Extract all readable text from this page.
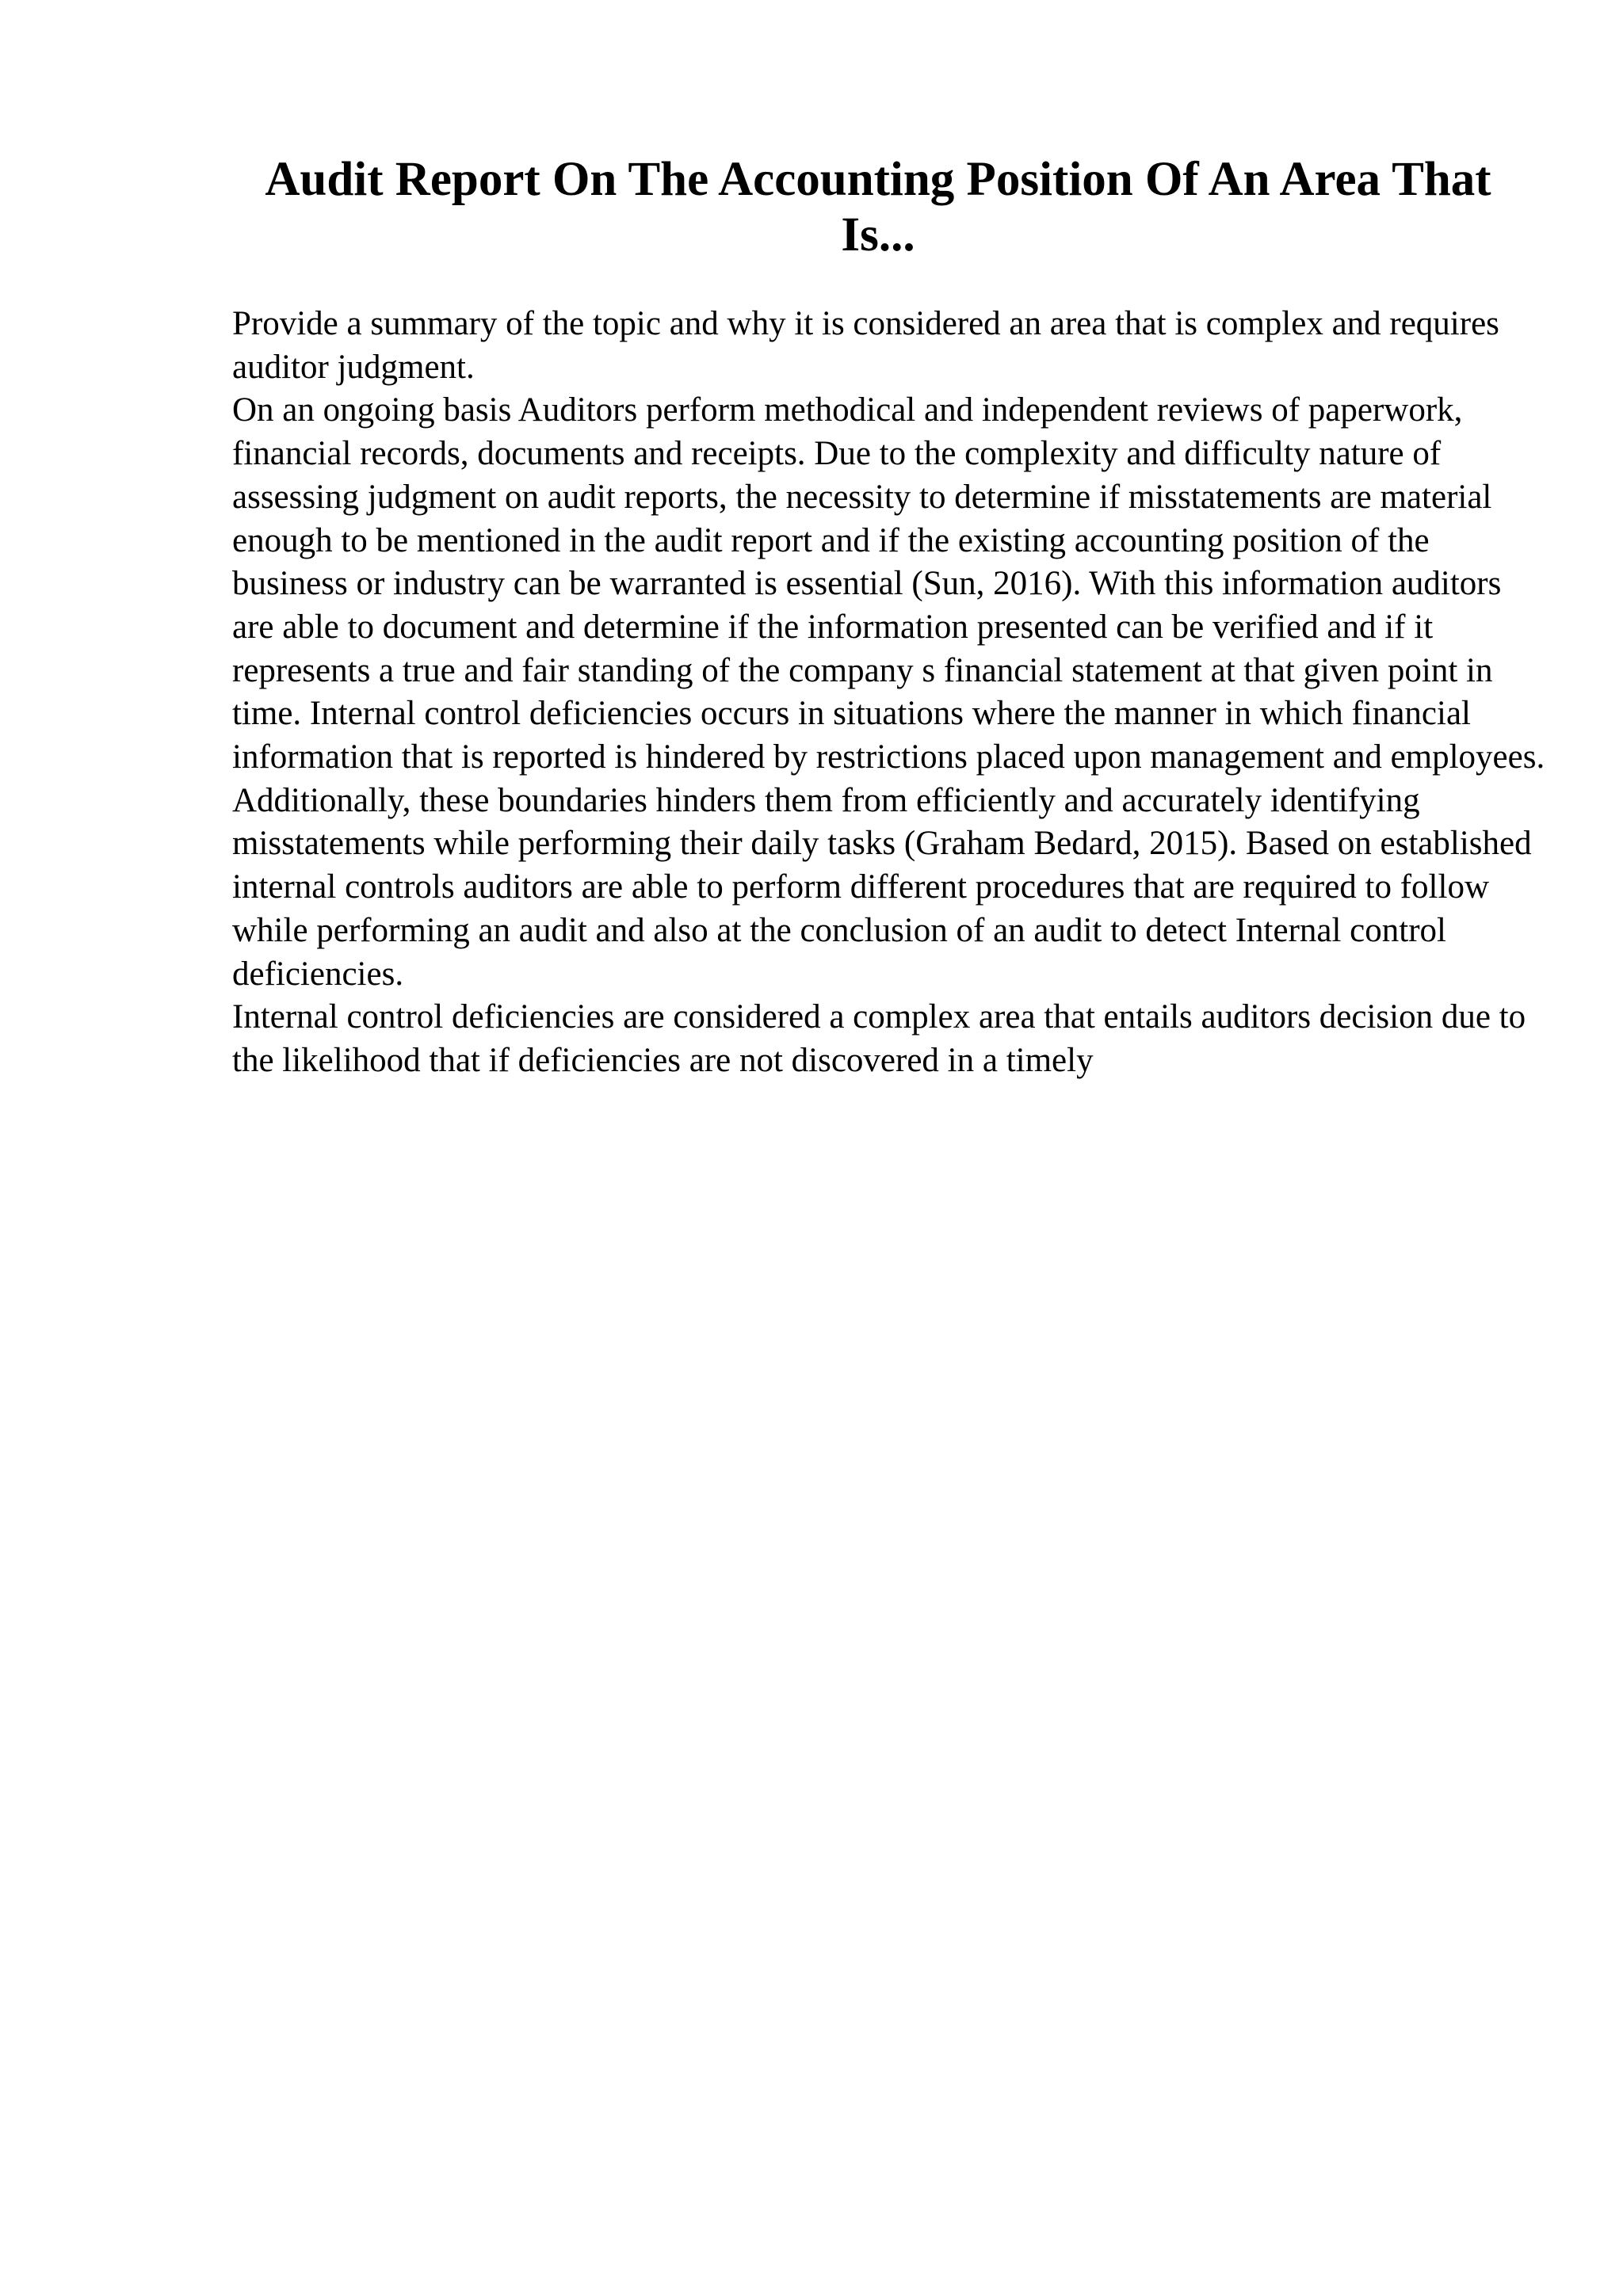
Audit Report On The Accounting Position Of An Area That Is...

Provide a summary of the topic and why it is considered an area that is complex and requires auditor judgment.

On an ongoing basis Auditors perform methodical and independent reviews of paperwork, financial records, documents and receipts. Due to the complexity and difficulty nature of assessing judgment on audit reports, the necessity to determine if misstatements are material enough to be mentioned in the audit report and if the existing accounting position of the business or industry can be warranted is essential (Sun, 2016). With this information auditors are able to document and determine if the information presented can be verified and if it represents a true and fair standing of the company s financial statement at that given point in time. Internal control deficiencies occurs in situations where the manner in which financial information that is reported is hindered by restrictions placed upon management and employees. Additionally, these boundaries hinders them from efficiently and accurately identifying misstatements while performing their daily tasks (Graham Bedard, 2015). Based on established internal controls auditors are able to perform different procedures that are required to follow while performing an audit and also at the conclusion of an audit to detect Internal control deficiencies.

Internal control deficiencies are considered a complex area that entails auditors decision due to the likelihood that if deficiencies are not discovered in a timely
